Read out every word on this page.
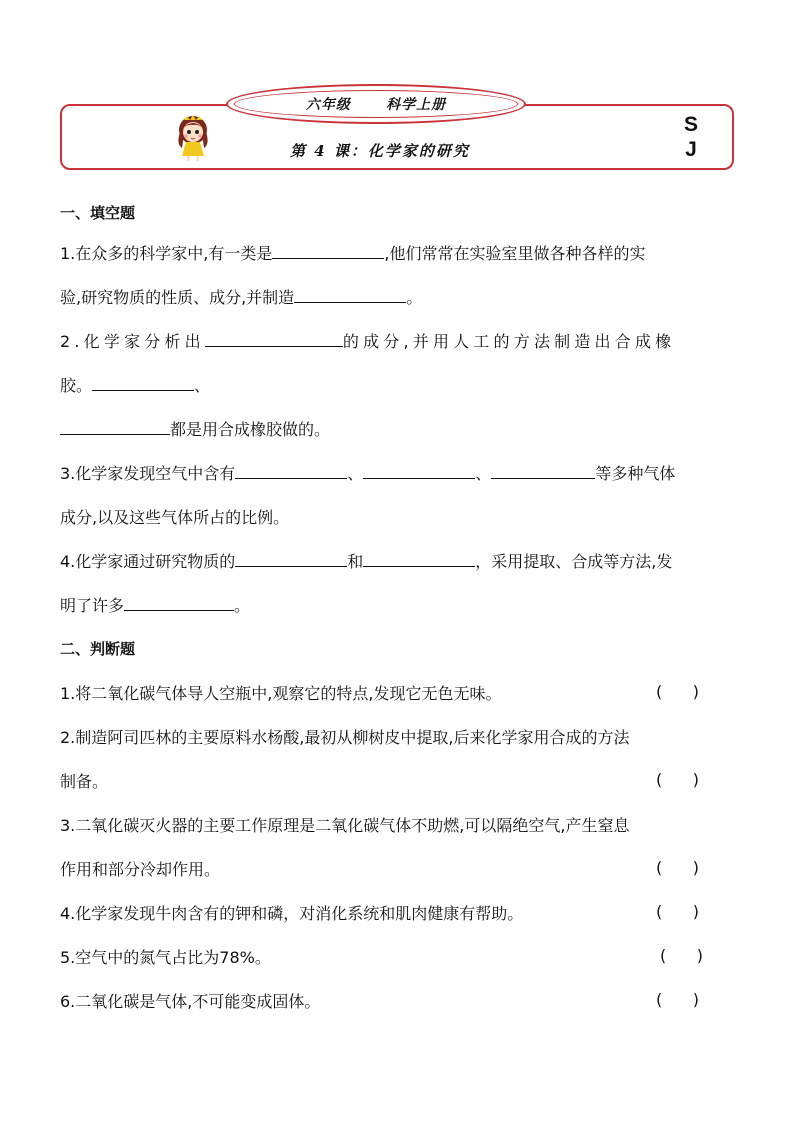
六年级      科学上册
第 4 课：化学家的研究
S
J
一、填空题
1.在众多的科学家中,有一类是	,他们常常在实验室里做各种各样的实
验,研究物质的性质、成分,并制造	。
2.化学家分析出	的成分,并用人工的方法制造出合成橡
胶。	、
都是用合成橡胶做的。
3.化学家发现空气中含有	、	、	等多种气体
成分,以及这些气体所占的比例。
4.化学家通过研究物质的	和	，采用提取、合成等方法,发
明了许多	。
二、判断题
1.将二氧化碳气体导人空瓶中,观察它的特点,发现它无色无味。	(      )
2.制造阿司匹林的主要原料水杨酸,最初从柳树皮中提取,后来化学家用合成的方法
制备。	(      )
3.二氧化碳灭火器的主要工作原理是二氧化碳气体不助燃,可以隔绝空气,产生窒息
作用和部分冷却作用。	(      )
4.化学家发现牛肉含有的钾和磷，对消化系统和肌肉健康有帮助。	(      )
5.空气中的氮气占比为78%。	(      )
6.二氧化碳是气体,不可能变成固体。	(      )
